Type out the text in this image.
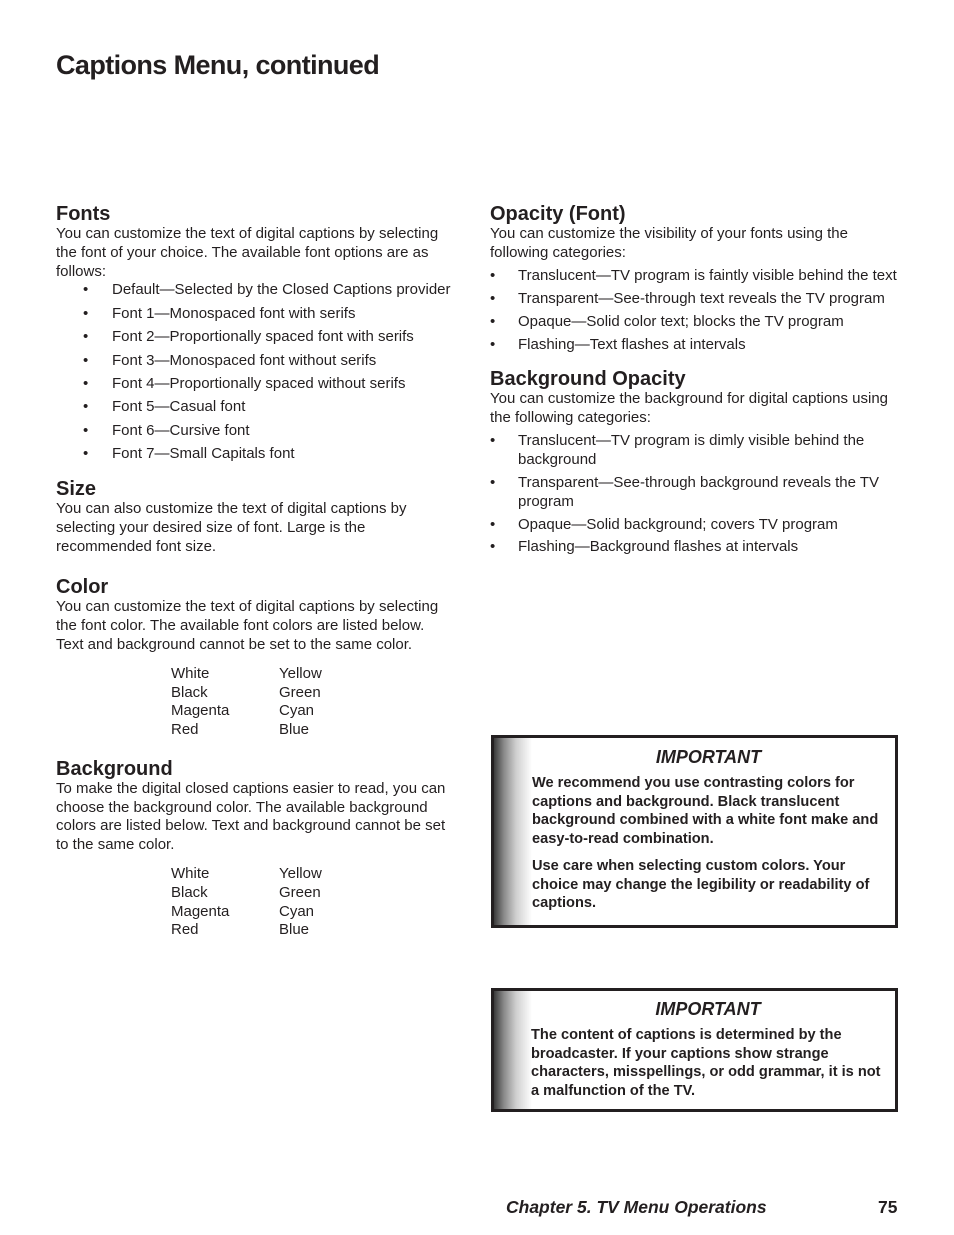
Captions Menu, continued
Fonts

You can customize the text of digital captions by selecting the font of your choice. The available font options are as follows:

• Default—Selected by the Closed Captions provider
• Font 1—Monospaced font with serifs
• Font 2—Proportionally spaced font with serifs
• Font 3—Monospaced font without serifs
• Font 4—Proportionally spaced without serifs
• Font 5—Casual font
• Font 6—Cursive font
• Font 7—Small Capitals font
Size

You can also customize the text of digital captions by selecting your desired size of font. Large is the recommended font size.

Color

You can customize the text of digital captions by selecting the font color. The available font colors are listed below. Text and background cannot be set to the same color.

White	Yellow
Black	Green
Magenta	Cyan
Red	Blue
Background

To make the digital closed captions easier to read, you can choose the background color. The available background colors are listed below. Text and background cannot be set to the same color.

White	Yellow
Black	Green
Magenta	Cyan
Red	Blue
Opacity (Font)

You can customize the visibility of your fonts using the following categories:

• Translucent—TV program is faintly visible behind the text
• Transparent—See-through text reveals the TV program
• Opaque—Solid color text; blocks the TV program
• Flashing—Text flashes at intervals
Background Opacity

You can customize the background for digital captions using the following categories:

• Translucent—TV program is dimly visible behind the background
• Transparent—See-through background reveals the TV program
• Opaque—Solid background; covers TV program
• Flashing—Background flashes at intervals
IMPORTANT

We recommend you use contrasting colors for captions and background. Black translucent background combined with a white font make and easy-to-read combination.

Use care when selecting custom colors. Your choice may change the legibility or readability of captions.

IMPORTANT

The content of captions is determined by the broadcaster. If your captions show strange characters, misspellings, or odd grammar, it is not a malfunction of the TV.

Chapter 5. TV Menu Operations	75
